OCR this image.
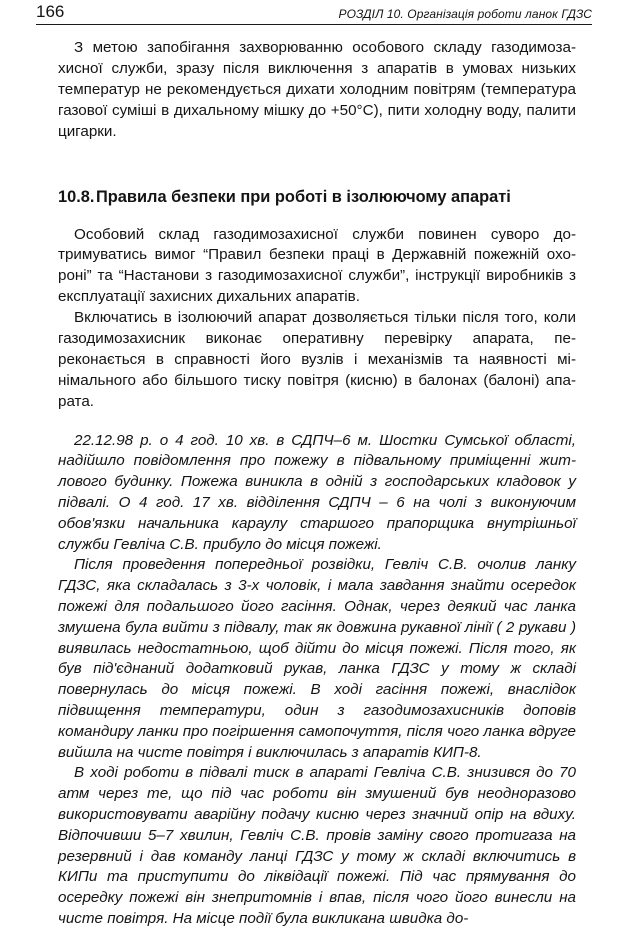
166	РОЗДІЛ 10. Організація роботи ланок ГДЗС

З метою запобігання захворюванню особового складу газодимозахисної служби, зразу після виключення з апаратів в умовах низьких температур не рекомендується дихати холодним повітрям (температура газової суміші в дихальному мішку до +50°С), пити холодну воду, палити цигарки.

10.8.Правила безпеки при роботі в ізолюючому апараті

Особовий склад газодимозахисної служби повинен суворо дотримуватись вимог “Правил безпеки праці в Державній пожежній охороні” та “Настанови з газодимозахисної служби”, інструкції виробників з експлуатації захисних дихальних апаратів.

Включатись в ізолюючий апарат дозволяється тільки після того, коли газодимозахисник виконає оперативну перевірку апарата, переконається в справності його вузлів і механізмів та наявності мінімального або більшого тиску повітря (кисню) в балонах (балоні) апарата.

22.12.98 р. о 4 год. 10 хв. в СДПЧ–6 м. Шостки Сумської області, надійшло повідомлення про пожежу в підвальному приміщенні житлового будинку. Пожежа виникла в одній з господарських кладовок у підвалі. О 4 год. 17 хв. відділення СДПЧ – 6 на чолі з виконуючим обов'язки начальника караулу старшого прапорщика внутрішньої служби Гевліча С.В. прибуло до місця пожежі.

Після проведення попередньої розвідки, Гевліч С.В. очолив ланку ГДЗС, яка складалась з 3-х чоловік, і мала завдання знайти осередок пожежі для подальшого його гасіння. Однак, через деякий час ланка змушена була вийти з підвалу, так як довжина рукавної лінії ( 2 рукави ) виявилась недостатньою, щоб дійти до місця пожежі. Після того, як був під'єднаний додатковий рукав, ланка ГДЗС у тому ж складі повернулась до місця пожежі. В ході гасіння пожежі, внаслідок підвищення температури, один з газодимозахисників доповів командиру ланки про погіршення самопочуття, після чого ланка вдруге вийшла на чисте повітря і виключилась з апаратів КИП-8.

В ході роботи в підвалі тиск в апараті Гевліча С.В. знизився до 70 атм через те, що під час роботи він змушений був неодноразово використовувати аварійну подачу кисню через значний опір на вдиху. Відпочивши 5–7 хвилин, Гевліч С.В. провів заміну свого протигаза на резервний і дав команду ланці ГДЗС у тому ж складі включитись в КИПи та приступити до ліквідації пожежі. Під час прямування до осередку пожежі він знепритомнів і впав, після чого його винесли на чисте повітря. На місце події була викликана швидка до-
